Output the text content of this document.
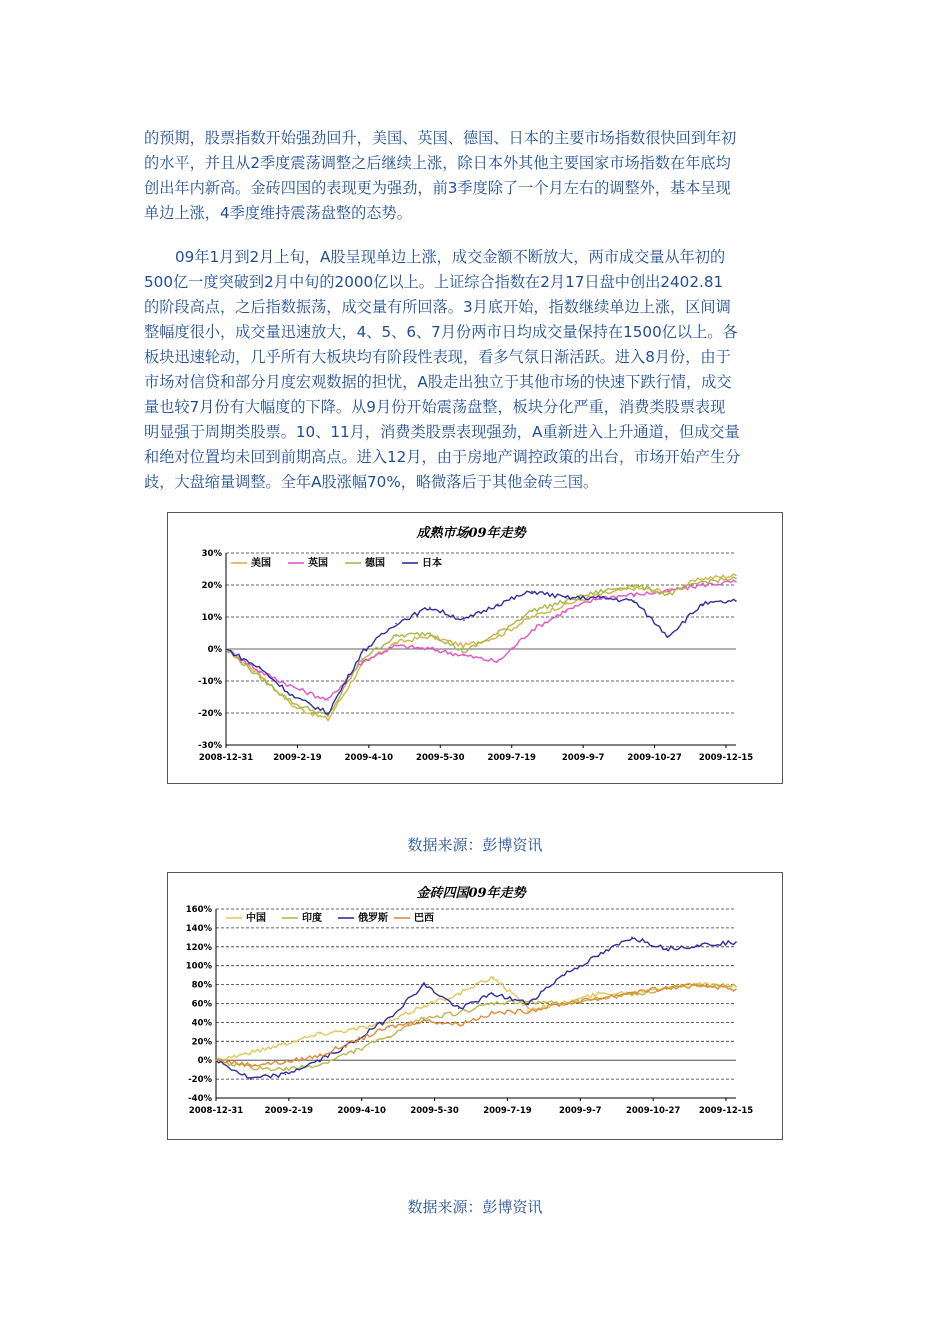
的预期，股票指数开始强劲回升，美国、英国、德国、日本的主要市场指数很快回到年初
的水平，并且从2季度震荡调整之后继续上涨，除日本外其他主要国家市场指数在年底均
创出年内新高。金砖四国的表现更为强劲，前3季度除了一个月左右的调整外，基本呈现
单边上涨，4季度维持震荡盘整的态势。
09年1月到2月上旬，A股呈现单边上涨，成交金额不断放大，两市成交量从年初的
500亿一度突破到2月中旬的2000亿以上。上证综合指数在2月17日盘中创出2402.81
的阶段高点，之后指数振荡，成交量有所回落。3月底开始，指数继续单边上涨，区间调
整幅度很小，成交量迅速放大，4、5、6、7月份两市日均成交量保持在1500亿以上。各
板块迅速轮动，几乎所有大板块均有阶段性表现，看多气氛日渐活跃。进入8月份，由于
市场对信贷和部分月度宏观数据的担忧，A股走出独立于其他市场的快速下跌行情，成交
量也较7月份有大幅度的下降。从9月份开始震荡盘整，板块分化严重，消费类股票表现
明显强于周期类股票。10、11月，消费类股票表现强劲，A重新进入上升通道，但成交量
和绝对位置均未回到前期高点。进入12月，由于房地产调控政策的出台，市场开始产生分
歧，大盘缩量调整。全年A股涨幅70%，略微落后于其他金砖三国。
成熟市场09年走势
30%
20%
10%
0%
-10%
-20%
-30%
2008-12-31 2009-2-19	2009-4-10	2009-5-30	2009-7-19	2009-9-7	2009-10-27 2009-12-15
美国	英国	德国	日本
数据来源：彭博资讯
金砖四国09年走势
160%
140%
120%
100%
80%
60%
40%
20%
0%
-20%
-40%
2008-12-31	2009-2-19	2009-4-10	2009-5-30	2009-7-19	2009-9-7	2009-10-27 2009-12-15
中国	印度	俄罗斯	巴西
数据来源：彭博资讯
